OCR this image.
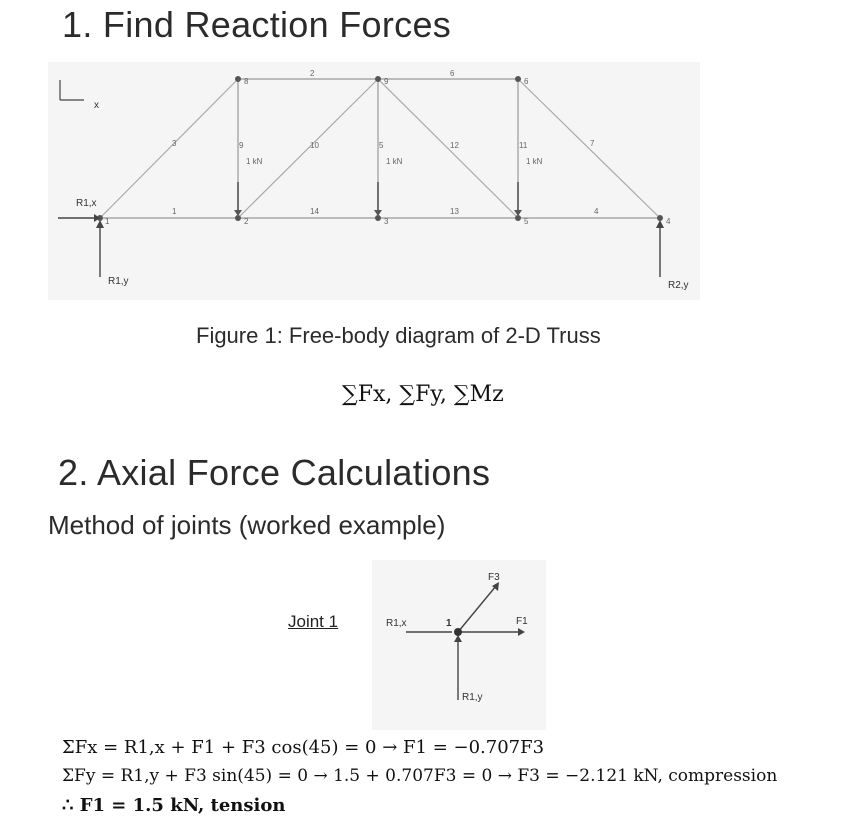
1. Find Reaction Forces
x
1	2	3	4
5
6
8	9
1
2
3
4
5
6
7
9	10	11
12
13
14
1 kN	1 kN	1 kN
R1,x
R1,y	R2,y
Figure 1: Free-body diagram of 2-D Truss
∑Fx, ∑Fy, ∑Mz
2. Axial Force Calculations
Method of joints (worked example)
Joint 1	1
R1,x	F1
F3
R1,y
ΣFx = R1,x + F1 + F3 cos(45) = 0 → F1 = −0.707F3
ΣFy = R1,y + F3 sin(45) = 0 → 1.5 + 0.707F3 = 0 → F3 = −2.121 kN, compression
∴ F1 = 1.5 kN, tension
